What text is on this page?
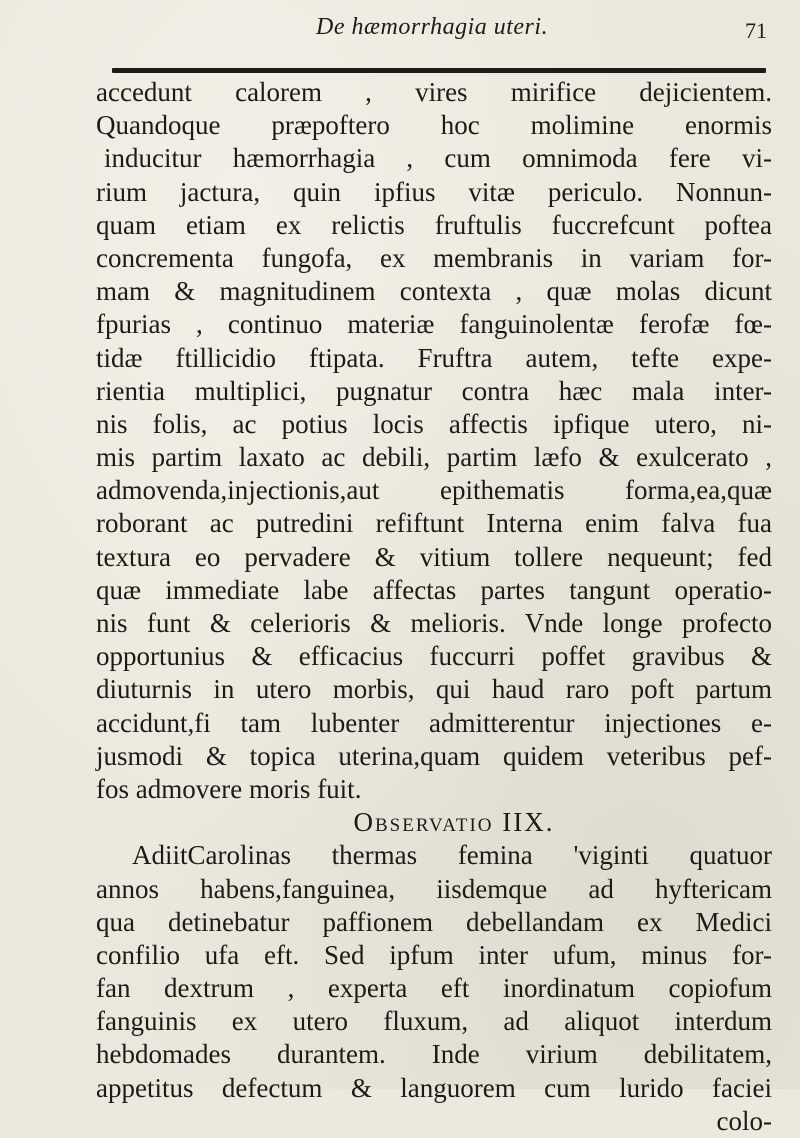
De hæmorrhagia uteri.	71
accedunt calorem , vires mirifice dejicientem.
Quandoque præpoftero hoc molimine enormis
inducitur hæmorrhagia , cum omnimoda fere vi-
rium jactura, quin ipfius vitæ periculo. Nonnun-
quam etiam ex relictis fruftulis fuccrefcunt poftea
concrementa fungofa, ex membranis in variam for-
mam & magnitudinem contexta , quæ molas dicunt
fpurias , continuo materiæ fanguinolentæ ferofæ fœ-
tidæ ftillicidio ftipata. Fruftra autem, tefte expe-
rientia multiplici, pugnatur contra hæc mala inter-
nis folis, ac potius locis affectis ipfique utero, ni-
mis partim laxato ac debili, partim læfo & exulcerato ,
admovenda,injectionis,aut epithematis forma,ea,quæ
roborant ac putredini refiftunt Interna enim falva fua
textura eo pervadere & vitium tollere nequeunt; fed
quæ immediate labe affectas partes tangunt operatio-
nis funt & celerioris & melioris. Vnde longe profecto
opportunius & efficacius fuccurri poffet gravibus &
diuturnis in utero morbis, qui haud raro poft partum
accidunt,fi tam lubenter admitterentur injectiones e-
jusmodi & topica uterina,quam quidem veteribus pef-
fos admovere moris fuit.
Observatio IIX.
AdiitCarolinas thermas femina 'viginti quatuor
annos habens,fanguinea, iisdemque ad hyftericam
qua detinebatur paffionem debellandam ex Medici
confilio ufa eft. Sed ipfum inter ufum, minus for-
fan dextrum , experta eft inordinatum copiofum
fanguinis ex utero fluxum, ad aliquot interdum
hebdomades durantem. Inde virium debilitatem,
appetitus defectum & languorem cum lurido faciei
colo-
